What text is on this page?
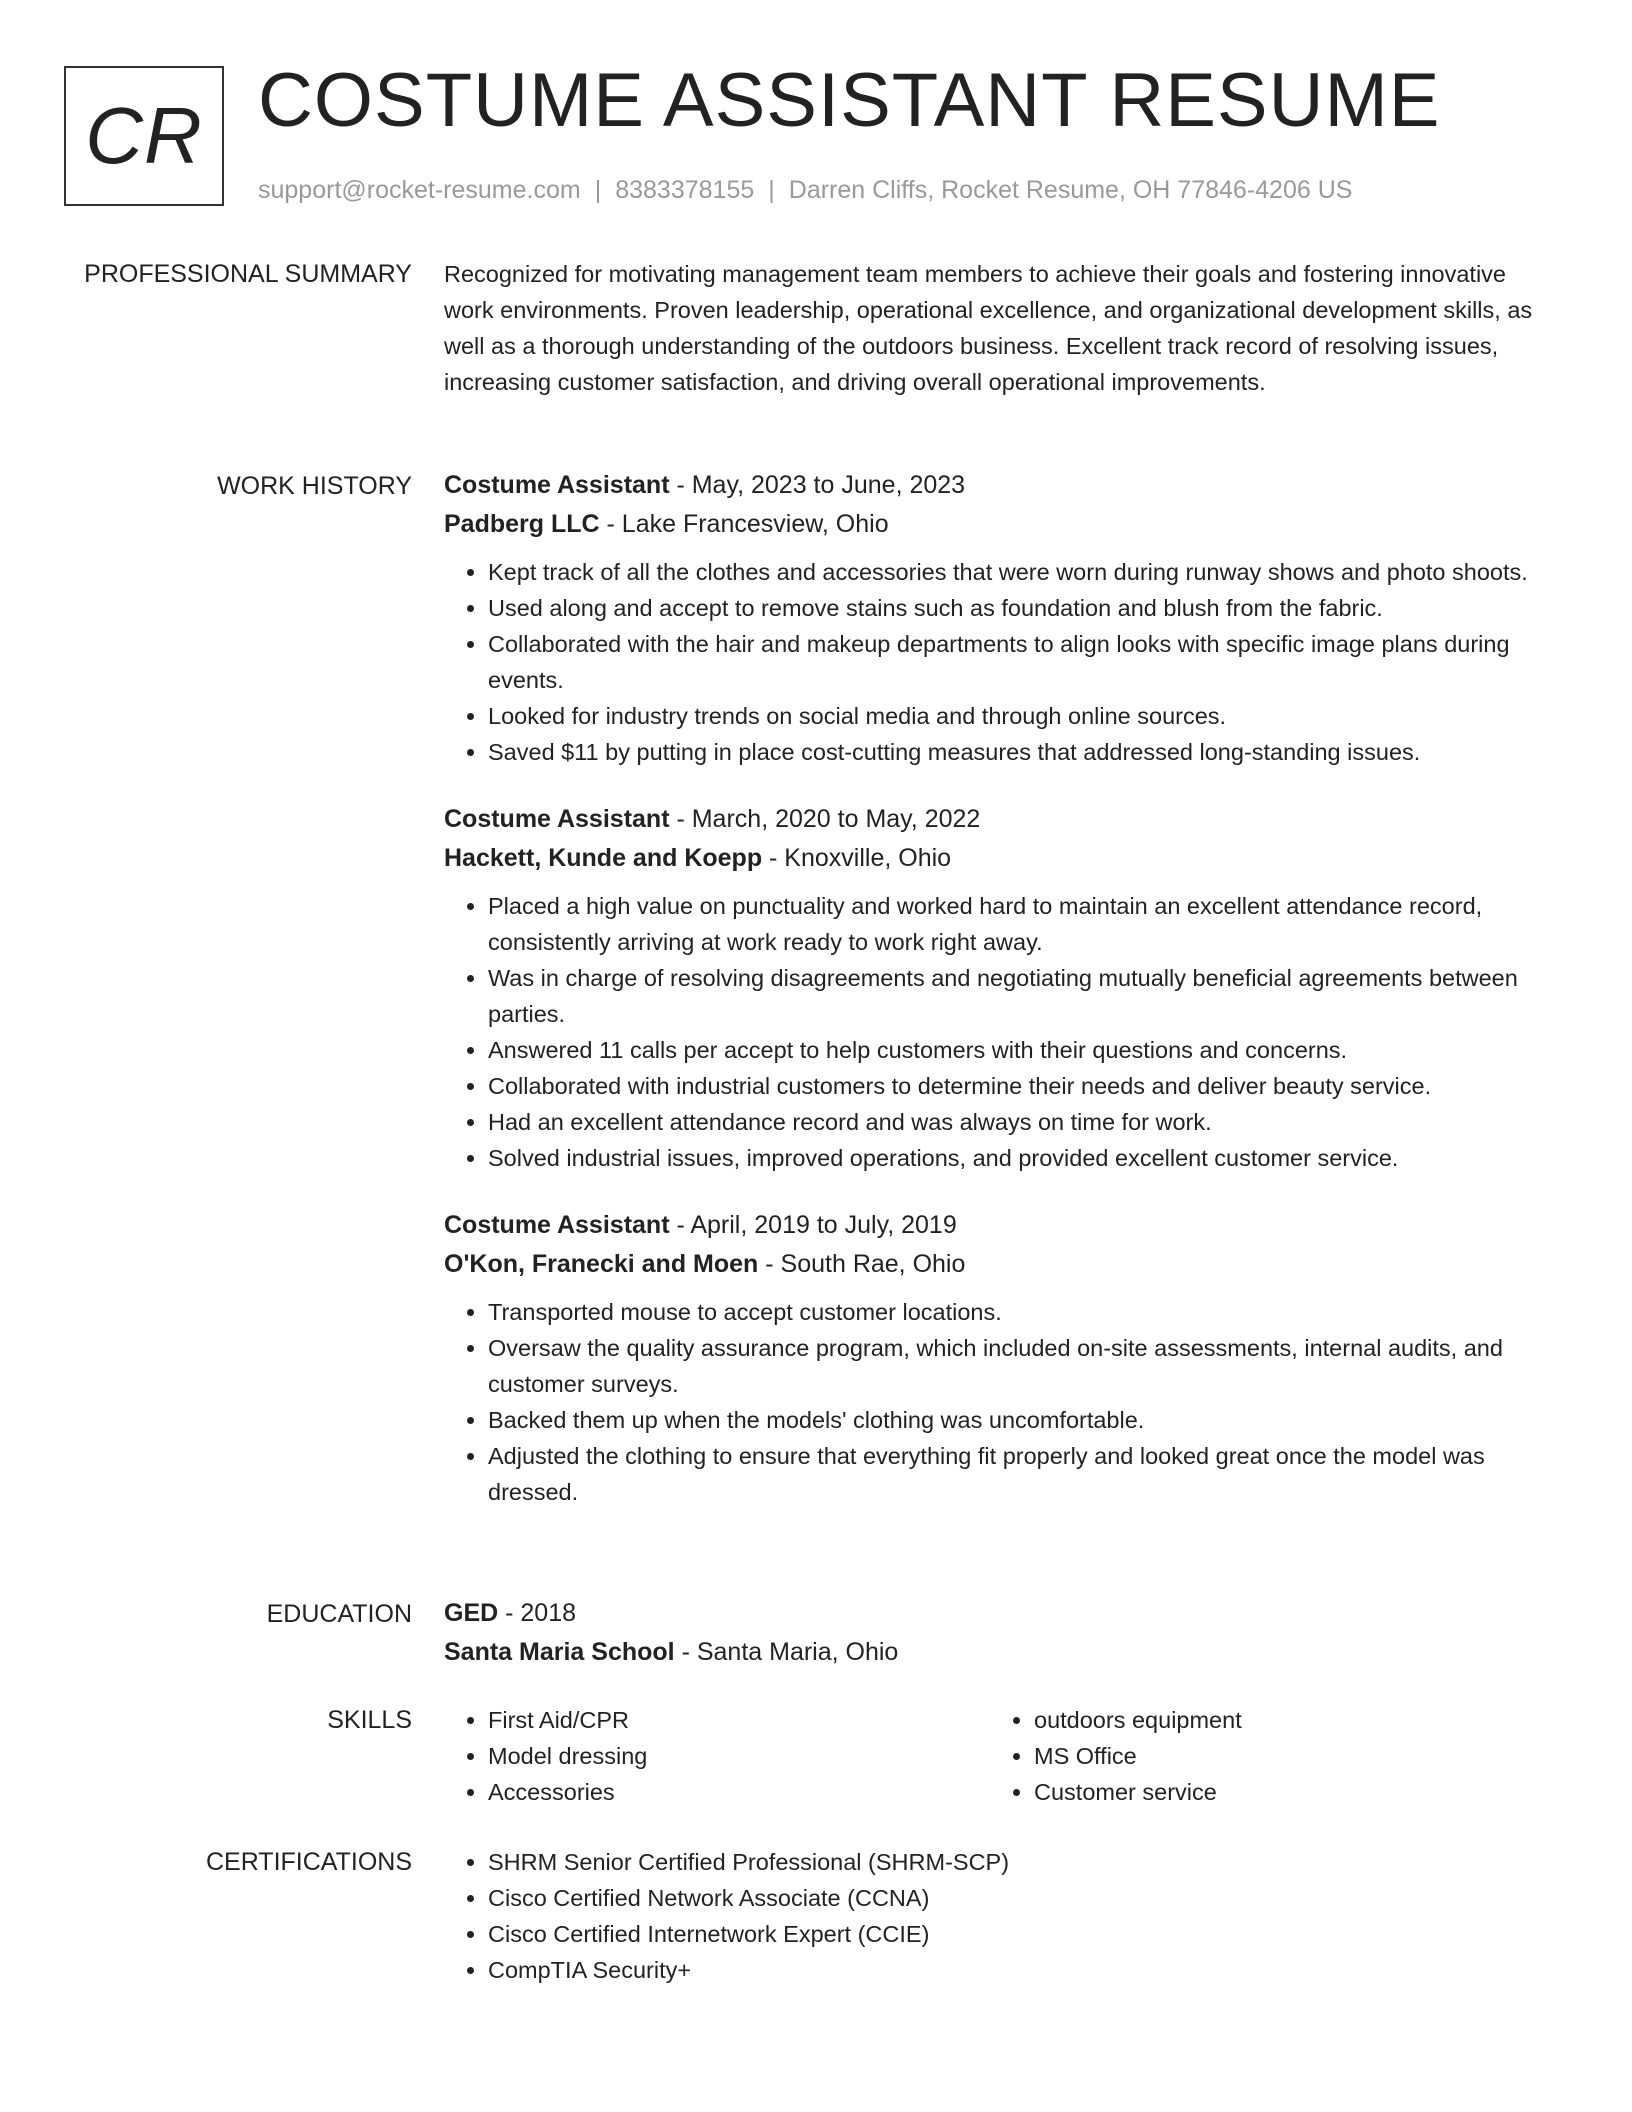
CR COSTUME ASSISTANT RESUME
support@rocket-resume.com | 8383378155 | Darren Cliffs, Rocket Resume, OH 77846-4206 US
PROFESSIONAL SUMMARY Recognized for motivating management team members to achieve their goals and fostering innovative work environments. Proven leadership, operational excellence, and organizational development skills, as well as a thorough understanding of the outdoors business. Excellent track record of resolving issues, increasing customer satisfaction, and driving overall operational improvements.

WORK HISTORY Costume Assistant - May, 2023 to June, 2023
Padberg LLC - Lake Francesview, Ohio
• Kept track of all the clothes and accessories that were worn during runway shows and photo shoots.
• Used along and accept to remove stains such as foundation and blush from the fabric.
• Collaborated with the hair and makeup departments to align looks with specific image plans during events.
• Looked for industry trends on social media and through online sources.
• Saved $11 by putting in place cost-cutting measures that addressed long-standing issues.
Costume Assistant - March, 2020 to May, 2022
Hackett, Kunde and Koepp - Knoxville, Ohio
• Placed a high value on punctuality and worked hard to maintain an excellent attendance record, consistently arriving at work ready to work right away.
• Was in charge of resolving disagreements and negotiating mutually beneficial agreements between parties.
• Answered 11 calls per accept to help customers with their questions and concerns.
• Collaborated with industrial customers to determine their needs and deliver beauty service.
• Had an excellent attendance record and was always on time for work.
• Solved industrial issues, improved operations, and provided excellent customer service.
Costume Assistant - April, 2019 to July, 2019
O'Kon, Franecki and Moen - South Rae, Ohio
• Transported mouse to accept customer locations.
• Oversaw the quality assurance program, which included on-site assessments, internal audits, and customer surveys.
• Backed them up when the models' clothing was uncomfortable.
• Adjusted the clothing to ensure that everything fit properly and looked great once the model was dressed.
EDUCATION GED - 2018
Santa Maria School - Santa Maria, Ohio
SKILLS	• First Aid/CPR
• Model dressing
• Accessories
• outdoors equipment
• MS Office
• Customer service
CERTIFICATIONS	• SHRM Senior Certified Professional (SHRM-SCP)
• Cisco Certified Network Associate (CCNA)
• Cisco Certified Internetwork Expert (CCIE)
• CompTIA Security+
